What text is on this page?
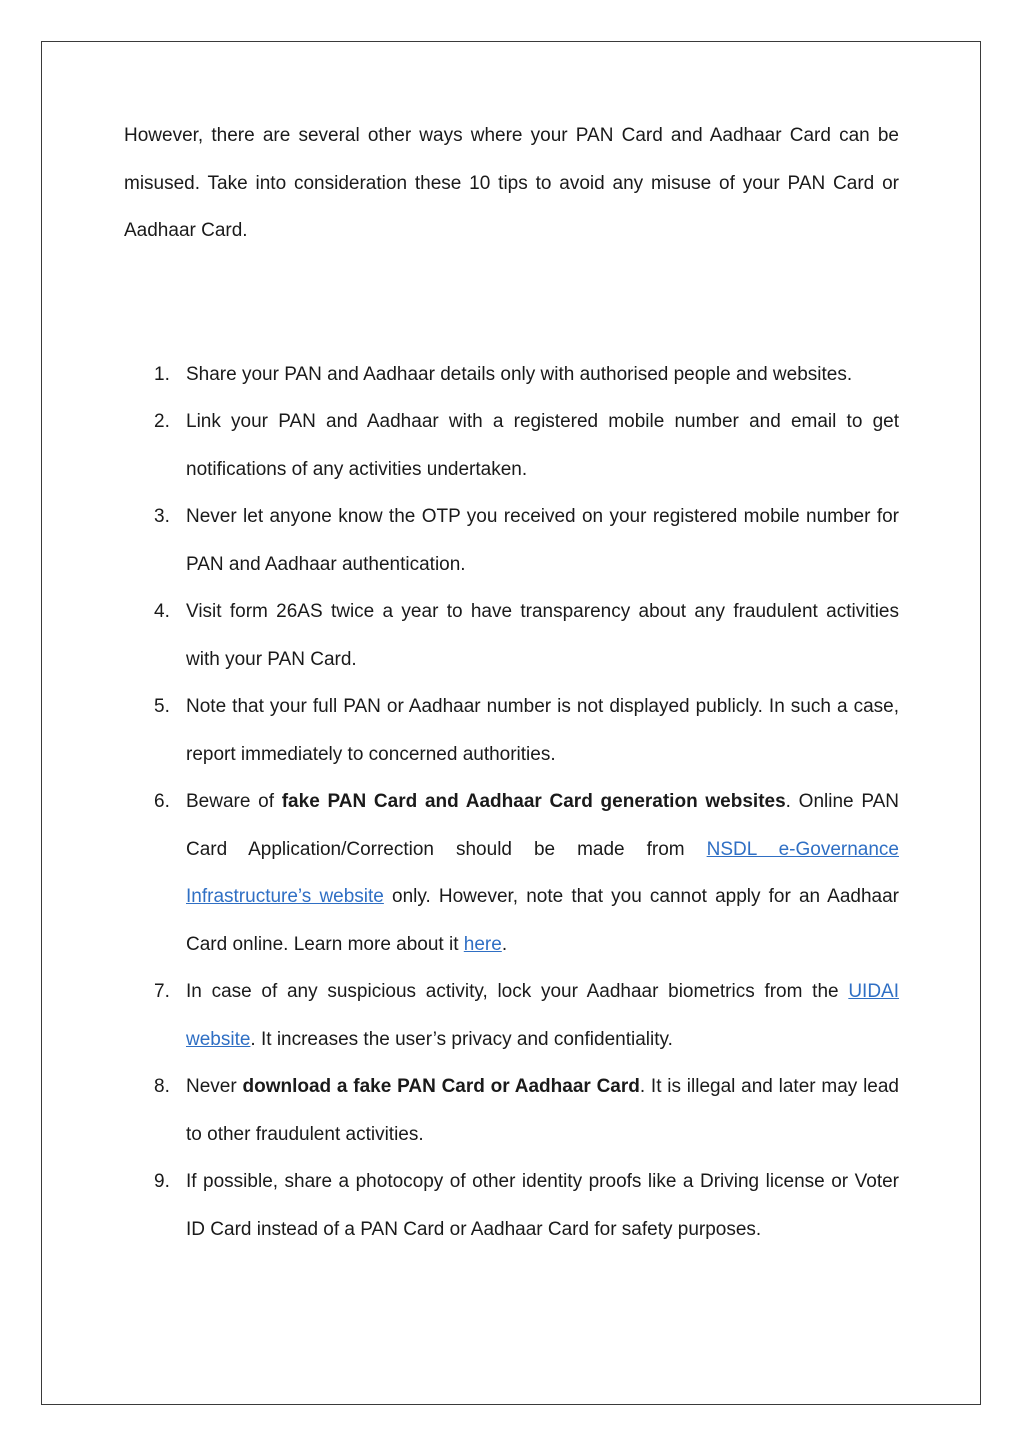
However, there are several other ways where your PAN Card and Aadhaar Card can be misused. Take into consideration these 10 tips to avoid any misuse of your PAN Card or Aadhaar Card.

1. Share your PAN and Aadhaar details only with authorised people and websites.
2. Link your PAN and Aadhaar with a registered mobile number and email to get notifications of any activities undertaken.
3. Never let anyone know the OTP you received on your registered mobile number for PAN and Aadhaar authentication.
4. Visit form 26AS twice a year to have transparency about any fraudulent activities with your PAN Card.
5. Note that your full PAN or Aadhaar number is not displayed publicly. In such a case, report immediately to concerned authorities.
6. Beware of fake PAN Card and Aadhaar Card generation websites. Online PAN Card Application/Correction should be made from NSDL e-Governance Infrastructure’s website only. However, note that you cannot apply for an Aadhaar Card online. Learn more about it here.
7. In case of any suspicious activity, lock your Aadhaar biometrics from the UIDAI website. It increases the user’s privacy and confidentiality.
8. Never download a fake PAN Card or Aadhaar Card. It is illegal and later may lead to other fraudulent activities.
9. If possible, share a photocopy of other identity proofs like a Driving license or Voter ID Card instead of a PAN Card or Aadhaar Card for safety purposes.
